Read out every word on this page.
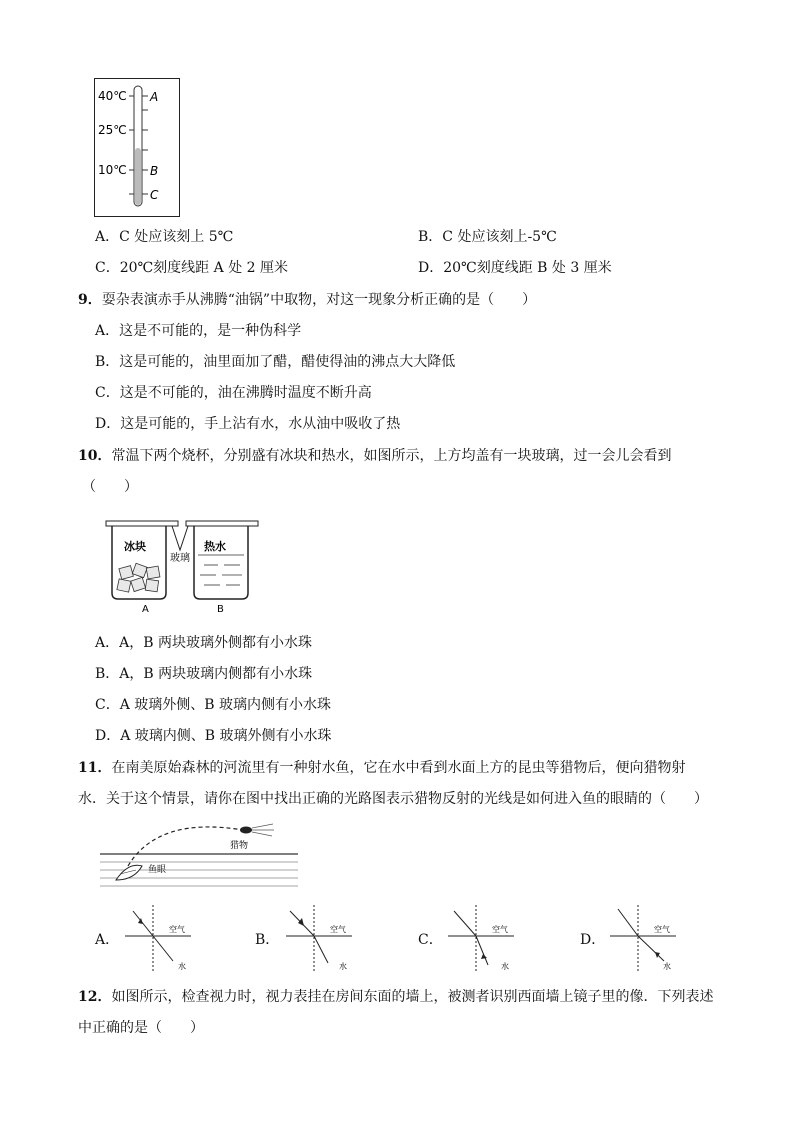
40℃
25℃
10℃
A
B
C
A．C 处应该刻上 5℃	B．C 处应该刻上-5℃
C．20℃刻度线距 A 处 2 厘米	D．20℃刻度线距 B 处 3 厘米
9．耍杂表演赤手从沸腾“油锅”中取物，对这一现象分析正确的是（　　）
A．这是不可能的，是一种伪科学
B．这是可能的，油里面加了醋，醋使得油的沸点大大降低
C．这是不可能的，油在沸腾时温度不断升高
D．这是可能的，手上沾有水，水从油中吸收了热
10．常温下两个烧杯，分别盛有冰块和热水，如图所示，上方均盖有一块玻璃，过一会儿会看到
（　　）
冰块
玻璃
热水
A	B
A．A，B 两块玻璃外侧都有小水珠
B．A，B 两块玻璃内侧都有小水珠
C．A 玻璃外侧、B 玻璃内侧有小水珠
D．A 玻璃内侧、B 玻璃外侧有小水珠
11．在南美原始森林的河流里有一种射水鱼，它在水中看到水面上方的昆虫等猎物后，便向猎物射
水．关于这个情景，请你在图中找出正确的光路图表示猎物反射的光线是如何进入鱼的眼睛的（　　）
猎物
鱼眼
A．
空气
水
B．
空气
水
C．
空气
水
D．
空气
水
12．如图所示，检查视力时，视力表挂在房间东面的墙上，被测者识别西面墙上镜子里的像．下列表述
中正确的是（　　）
